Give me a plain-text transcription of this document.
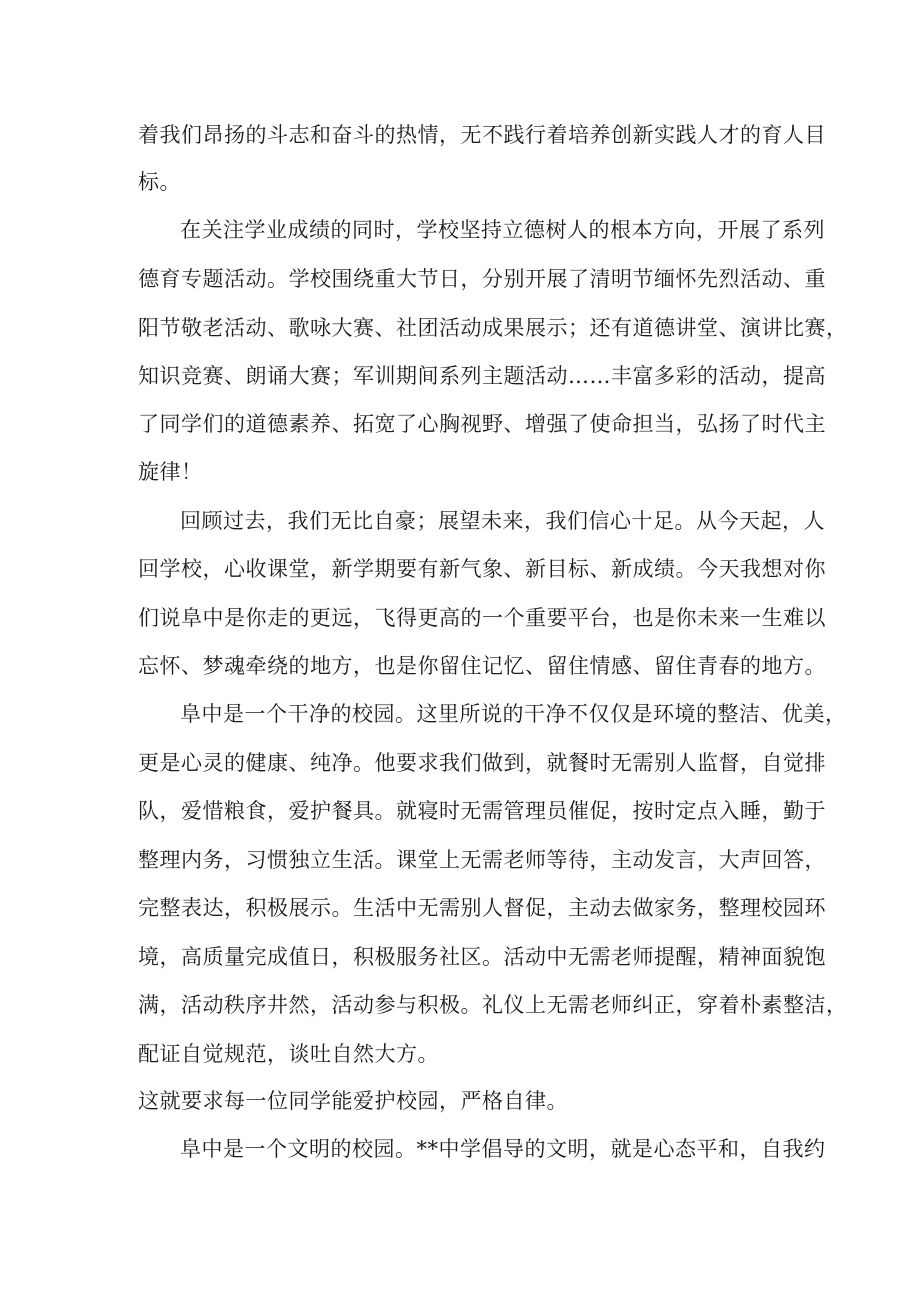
着我们昂扬的斗志和奋斗的热情，无不践行着培养创新实践人才的育人目
标。
在关注学业成绩的同时，学校坚持立德树人的根本方向，开展了系列
德育专题活动。学校围绕重大节日，分别开展了清明节缅怀先烈活动、重
阳节敬老活动、歌咏大赛、社团活动成果展示；还有道德讲堂、演讲比赛，
知识竞赛、朗诵大赛；军训期间系列主题活动……丰富多彩的活动，提高
了同学们的道德素养、拓宽了心胸视野、增强了使命担当，弘扬了时代主
旋律！
回顾过去，我们无比自豪；展望未来，我们信心十足。从今天起，人
回学校，心收课堂，新学期要有新气象、新目标、新成绩。今天我想对你
们说阜中是你走的更远，飞得更高的一个重要平台，也是你未来一生难以
忘怀、梦魂牵绕的地方，也是你留住记忆、留住情感、留住青春的地方。
阜中是一个干净的校园。这里所说的干净不仅仅是环境的整洁、优美，
更是心灵的健康、纯净。他要求我们做到，就餐时无需别人监督，自觉排
队，爱惜粮食，爱护餐具。就寝时无需管理员催促，按时定点入睡，勤于
整理内务，习惯独立生活。课堂上无需老师等待，主动发言，大声回答，
完整表达，积极展示。生活中无需别人督促，主动去做家务，整理校园环
境，高质量完成值日，积极服务社区。活动中无需老师提醒，精神面貌饱
满，活动秩序井然，活动参与积极。礼仪上无需老师纠正，穿着朴素整洁，
配证自觉规范，谈吐自然大方。
这就要求每一位同学能爱护校园，严格自律。
阜中是一个文明的校园。**中学倡导的文明，就是心态平和，自我约
